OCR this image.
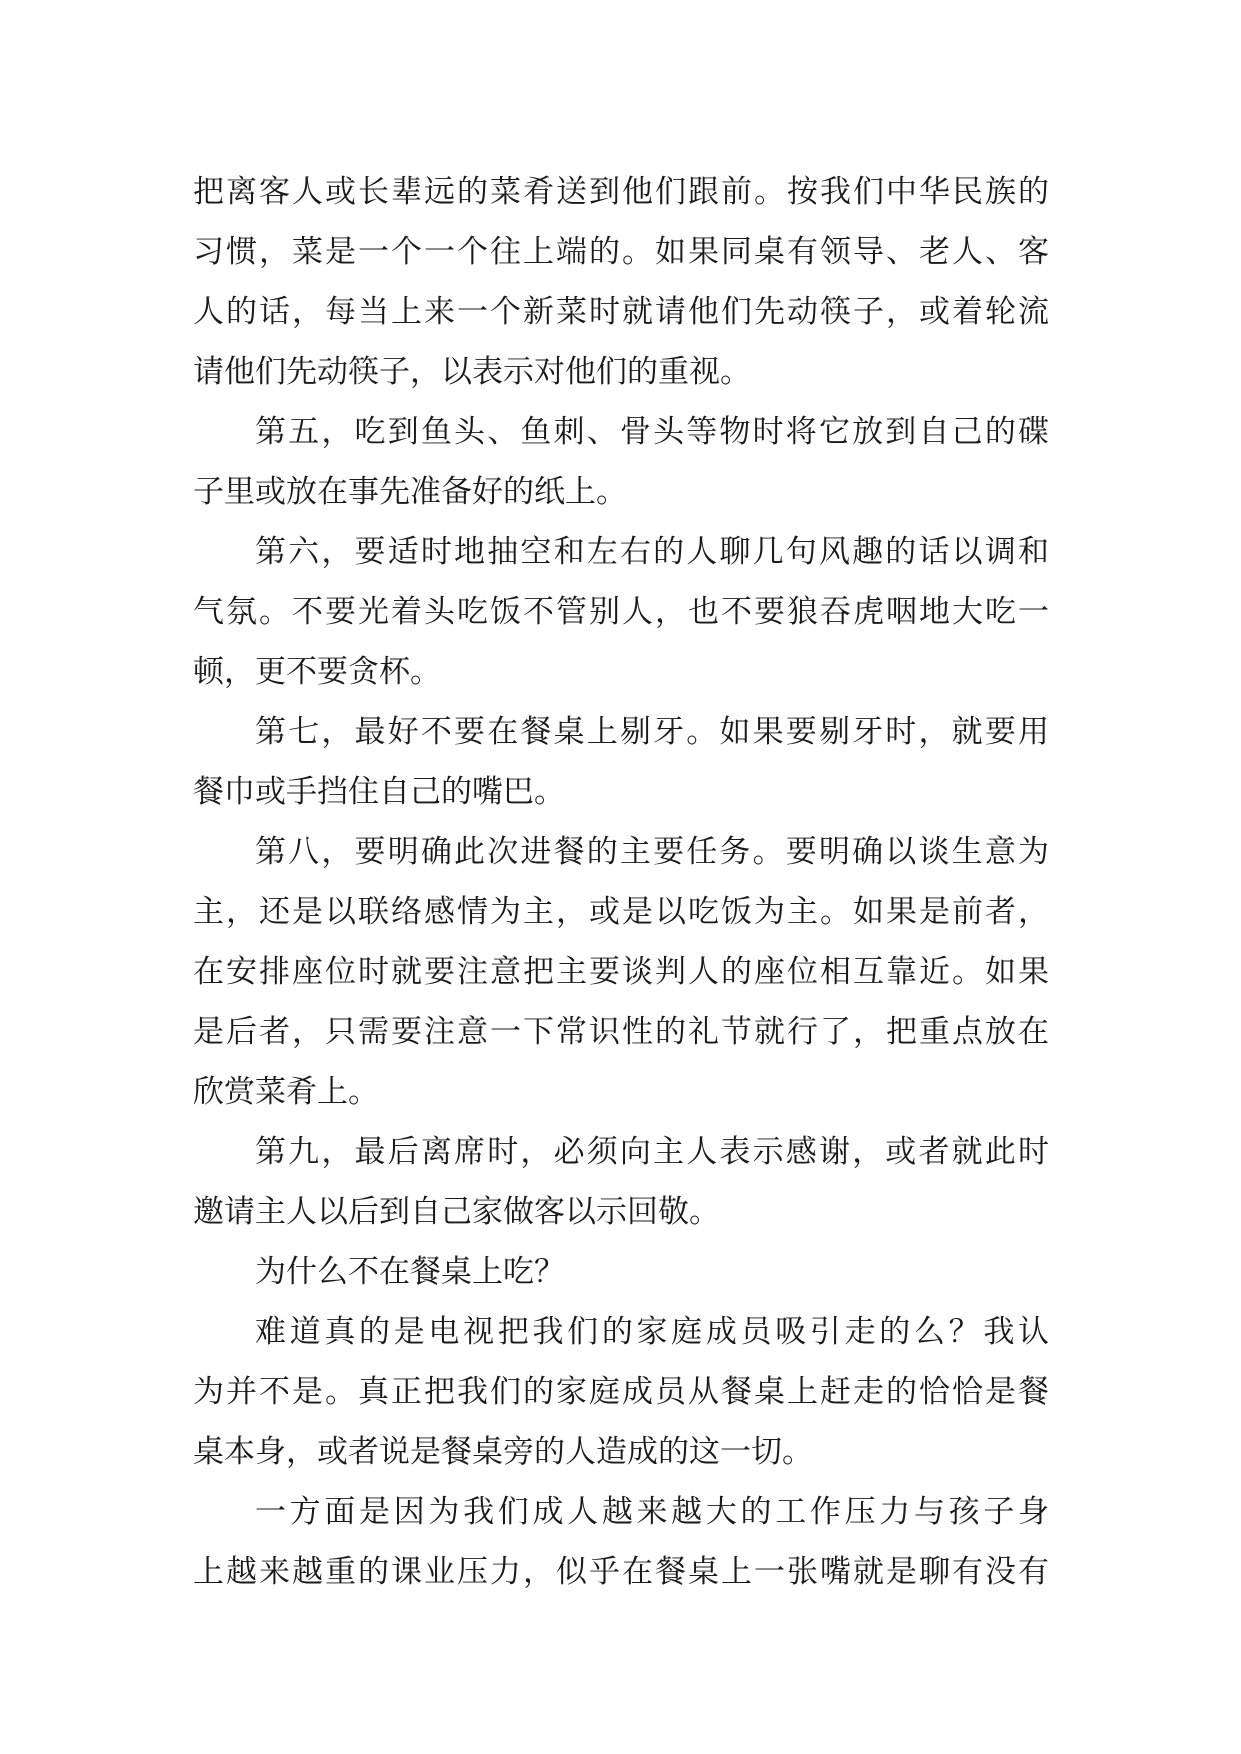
把离客人或长辈远的菜肴送到他们跟前。按我们中华民族的
习惯，菜是一个一个往上端的。如果同桌有领导、老人、客
人的话，每当上来一个新菜时就请他们先动筷子，或着轮流
请他们先动筷子，以表示对他们的重视。
第五，吃到鱼头、鱼刺、骨头等物时将它放到自己的碟
子里或放在事先准备好的纸上。
第六，要适时地抽空和左右的人聊几句风趣的话以调和
气氛。不要光着头吃饭不管别人，也不要狼吞虎咽地大吃一
顿，更不要贪杯。
第七，最好不要在餐桌上剔牙。如果要剔牙时，就要用
餐巾或手挡住自己的嘴巴。
第八，要明确此次进餐的主要任务。要明确以谈生意为
主，还是以联络感情为主，或是以吃饭为主。如果是前者，
在安排座位时就要注意把主要谈判人的座位相互靠近。如果
是后者，只需要注意一下常识性的礼节就行了，把重点放在
欣赏菜肴上。
第九，最后离席时，必须向主人表示感谢，或者就此时
邀请主人以后到自己家做客以示回敬。
为什么不在餐桌上吃？
难道真的是电视把我们的家庭成员吸引走的么？我认
为并不是。真正把我们的家庭成员从餐桌上赶走的恰恰是餐
桌本身，或者说是餐桌旁的人造成的这一切。
一方面是因为我们成人越来越大的工作压力与孩子身
上越来越重的课业压力，似乎在餐桌上一张嘴就是聊有没有
